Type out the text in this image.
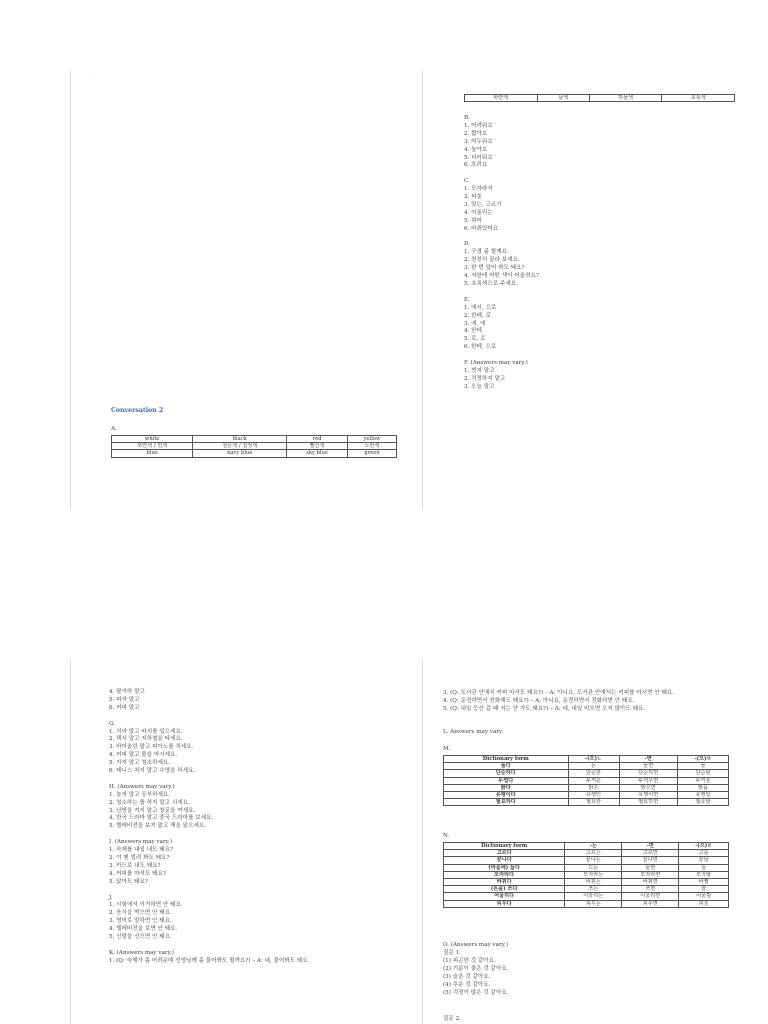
·
Conversation 2
A.
white	black	red	yellow
하얀색 / 흰색	검은색 / 검정색	빨간색	노란색
blue	navy blue	sky blue	green
파란색	남색	하늘색	초록색
B.
1. 어려워요
2. 짧아요
3. 어두워요
4. 높아요
5. 더러워요
6. 흐려요
C.
1. 모자라서
2. 피울
3. 맞는, 고르기
4. 어울리는
5. 뭐어
6. 바뀌었어요
D.
1. 구경 좀 할게요.
2. 천천히 골라 보세요.
3. 한 번 입어 봐도 돼요?
4. 저한테 어떤 색이 어울려요?
5. 초록색으로 주세요.
E.
1. 에서, 으로
2. 한테, 로
3. 에, 에
4. 한테
5. 로, 로
6. 한테, 으로
F. (Answers may vary.)
1. 벗지 말고
2. 걱정하지 말고
3. 오늘 말고
4. 팔거하 말고
5. 피자 말고
6. 커피 말고
G.
1. 치마 말고 바지를 입으세요.
2. 택시 말고 지하철을 타세요.
3. 바이올린 말고 피아노를 치세요.
4. 커피 말고 물을 마시세요.
5. 자지 말고 청소하세요.
6. 테니스 치지 말고 수영을 하세요.
H. (Answers may vary.)
1. 놀지 말고 공부하세요.
2. 청소하는 를 하지 말고 쉬세요.
3. 난방을 켜지 말고 창문을 여세요.
4. 한국 드라마 말고 중국 드라마를 보세요.
5. 텔레비전을 보지 말고 책을 읽으세요.
I. (Answers may vary.)
1. 숙제를 내일 내도 돼요?
2. 이 펜 빌려 봐도 돼요?
3. 카드로 내도 돼요?
4. 커피를 마셔도 돼요?
5. 앉아도 돼요?
J.
1. 시험에서 이거하면 안 돼요.
2. 음식을 먹으면 안 돼요.
3. 영어로 말하면 안 돼요.
4. 텔레비전을 보면 안 돼요.
5. 신발을 신으면 안 돼요.
K. (Answers may vary.)
1. (Q: 숙제가 좀 어려운데 선생님께 좀 물어봐도 될까요?) – A: 네, 물어봐도 돼요.
3. (Q: 도서관 안에서 커피 마셔도 돼요?) – A: 아니요, 도서관 안에서는 커피를 마시면 안 돼요.
4. (Q: 운전하면서 전화해도 돼요?) – A: 아니요, 운전하면서 전화하면 안 돼요.
5. (Q: 내일 등산 갈 때 저는 안 가도 돼요?) – A: 네, 내일 비오면 오지 않아도 돼요.
L. Answers may vary.
M.
Dictionary form	-(으)ㄴ	-면	-(으)ㄹ
놀다	논	놀면	놀
단순하다	단순한	단순하면	단순할
두껍다	두꺼운	두꺼우면	두꺼울
밝다	밝은	밝으면	밝을
유행이다	유행인	유행이면	유행일
필요하다	필요한	필요하면	필요할
N.
Dictionary form	-는	-면	-(으)ㄹ
고르다	고르는	고르면	고를
끝나다	끝나는	끝나면	끝날
(마음에) 들다	드는	들면	들
모자라다	모자라는	모자라면	모자랄
바뀌다	바뀌는	바뀌면	바뀔
(돈을) 쓰다	쓰는	쓰면	쓸
어울리다	어울리는	어울리면	어울릴
피우다	피우는	피우면	피울
O. (Answers may vary.)
질문 1.
(1) 피곤한 것 같아요.
(2) 기분이 좋은 것 같아요.
(3) 슬픈 것 같아요.
(4) 추운 것 같아요.
(5) 걱정이 많은 것 같아요.
질문 2.
